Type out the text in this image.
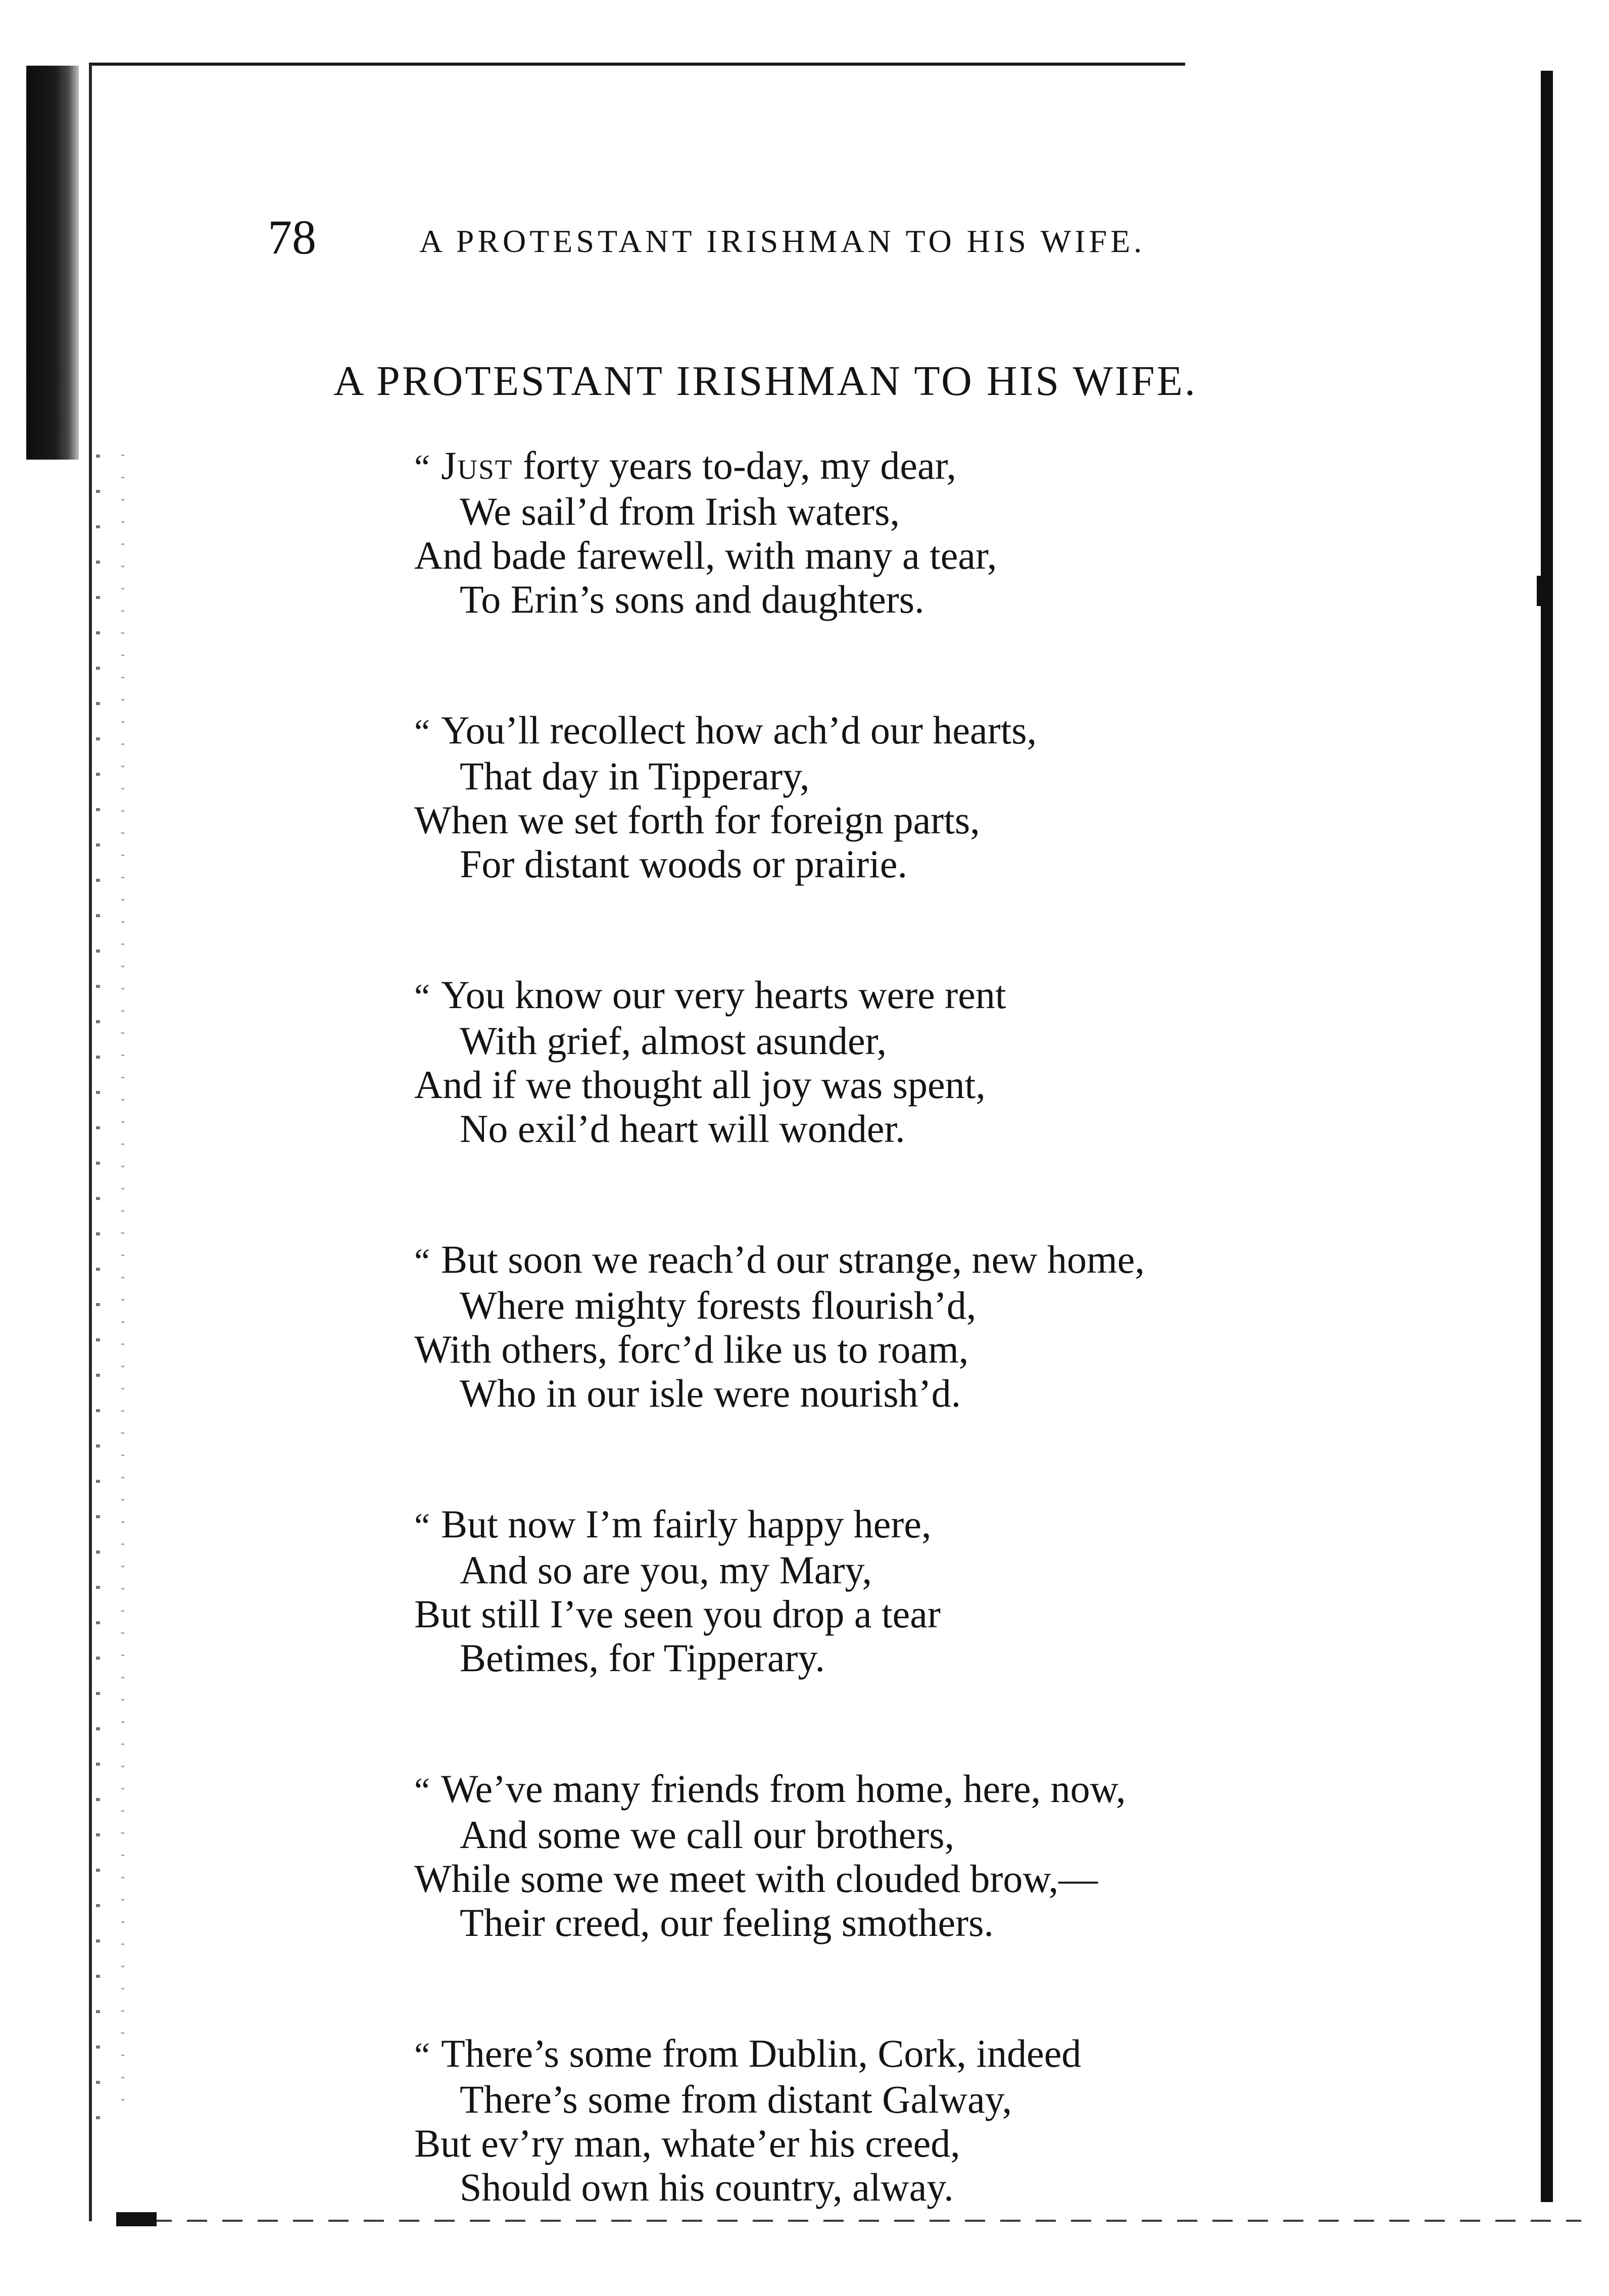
78	A PROTESTANT IRISHMAN TO HIS WIFE.
A PROTESTANT IRISHMAN TO HIS WIFE.
“ Just forty years to-day, my dear,
We sail’d from Irish waters,
And bade farewell, with many a tear,
To Erin’s sons and daughters.
“ You’ll recollect how ach’d our hearts,
That day in Tipperary,
When we set forth for foreign parts,
For distant woods or prairie.
“ You know our very hearts were rent
With grief, almost asunder,
And if we thought all joy was spent,
No exil’d heart will wonder.
“ But soon we reach’d our strange, new home,
Where mighty forests flourish’d,
With others, forc’d like us to roam,
Who in our isle were nourish’d.
“ But now I’m fairly happy here,
And so are you, my Mary,
But still I’ve seen you drop a tear
Betimes, for Tipperary.
“ We’ve many friends from home, here, now,
And some we call our brothers,
While some we meet with clouded brow,—
Their creed, our feeling smothers.
“ There’s some from Dublin, Cork, indeed
There’s some from distant Galway,
But ev’ry man, whate’er his creed,
Should own his country, alway.
